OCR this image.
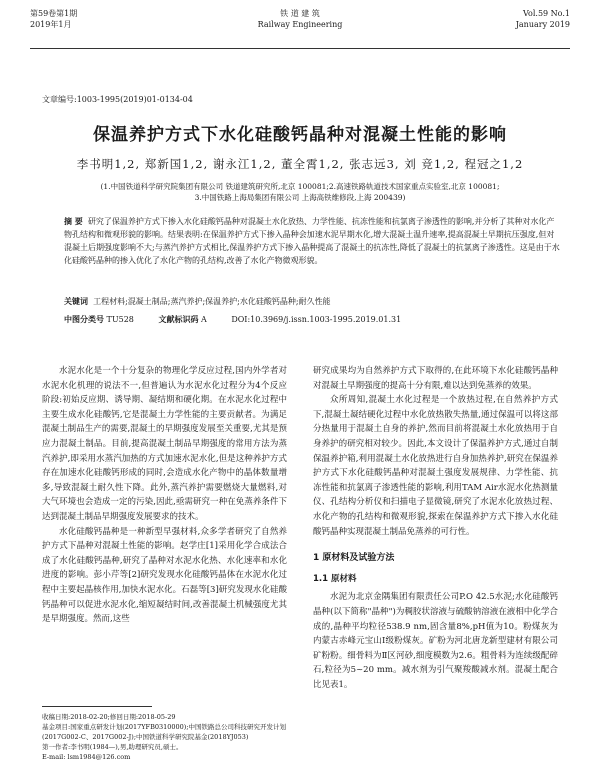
第59卷第1期
2019年1月
铁 道 建 筑
Railway Engineering
Vol.59 No.1
January 2019
文章编号:1003-1995(2019)01-0134-04
保温养护方式下水化硅酸钙晶种对混凝土性能的影响
李书明1,2, 郑新国1,2, 谢永江1,2, 董全霄1,2, 张志远3, 刘 竞1,2, 程冠之1,2
(1.中国铁道科学研究院集团有限公司 铁道建筑研究所,北京 100081;2.高速铁路轨道技术国家重点实验室,北京 100081;
3.中国铁路上海局集团有限公司 上海高铁维修段,上海 200439)
摘 要 研究了保温养护方式下掺入水化硅酸钙晶种对混凝土水化放热、力学性能、抗冻性能和抗氯离子渗透性的影响,并分析了其种对水化产物孔结构和微观形貌的影响。结果表明:在保温养护方式下掺入晶种会加速水泥早期水化,增大混凝土温升速率,提高混凝土早期抗压强度,但对混凝土后期强度影响不大;与蒸汽养护方式相比,保温养护方式下掺入晶种提高了混凝土的抗冻性,降低了混凝土的抗氯离子渗透性。这是由于水化硅酸钙晶种的掺入优化了水化产物的孔结构,改善了水化产物微观形貌。
关键词 工程材料;混凝土制品;蒸汽养护;保温养护;水化硅酸钙晶种;耐久性能
中图分类号 TU528	文献标识码 A	DOI:10.3969/j.issn.1003-1995.2019.01.31

水泥水化是一个十分复杂的物理化学反应过程,国内外学者对水泥水化机理的说法不一,但普遍认为水泥水化过程分为4个反应阶段:初始反应期、诱导期、凝结期和硬化期。在水泥水化过程中主要生成水化硅酸钙,它是混凝土力学性能的主要贡献者。为满足混凝土制品生产的需要,混凝土的早期强度发展至关重要,尤其是预应力混凝土制品。目前,提高混凝土制品早期强度的常用方法为蒸汽养护,即采用水蒸汽加热的方式加速水泥水化,但是这种养护方式存在加速水化硅酸钙形成的同时,会造成水化产物中的晶体数量增多,导致混凝土耐久性下降。此外,蒸汽养护需要燃烧大量燃料,对大气环境也会造成一定的污染,因此,亟需研究一种在免蒸养条件下达到混凝土制品早期强度发展要求的技术。

水化硅酸钙晶种是一种新型早强材料,众多学者研究了自然养护方式下晶种对混凝土性能的影响。赵学庄[1]采用化学合成法合成了水化硅酸钙晶种,研究了晶种对水泥水化热、水化速率和水化进度的影响。彭小芹等[2]研究发现水化硅酸钙晶体在水泥水化过程中主要起晶核作用,加快水泥水化。石磊等[3]研究发现水化硅酸钙晶种可以促进水泥水化,缩短凝结时间,改善混凝土机械强度尤其是早期强度。然而,这些

研究成果均为自然养护方式下取得的,在此环境下水化硅酸钙晶种对混凝土早期强度的提高十分有限,难以达到免蒸养的效果。

众所周知,混凝土水化过程是一个放热过程,在自然养护方式下,混凝土凝结硬化过程中水化放热散失热量,通过保温可以将这部分热量用于混凝土自身的养护,然而目前将混凝土水化放热用于自身养护的研究相对较少。因此,本文设计了保温养护方式,通过自制保温养护箱,利用混凝土水化放热进行自身加热养护,研究在保温养护方式下水化硅酸钙晶种对混凝土强度发展规律、力学性能、抗冻性能和抗氯离子渗透性能的影响,利用TAM Air水泥水化热测量仪、孔结构分析仪和扫描电子显微镜,研究了水泥水化放热过程、水化产物的孔结构和微观形貌,探索在保温养护方式下掺入水化硅酸钙晶种实现混凝土制品免蒸养的可行性。

1 原材料及试验方法
1.1 原材料

水泥为北京金隅集团有限责任公司P.O 42.5水泥;水化硅酸钙晶种(以下简称"晶种")为稠胶状溶液与硫酸钠溶液在液相中化学合成的,晶种平均粒径538.9 nm,固含量8%,pH值为10。粉煤灰为内蒙古赤峰元宝山Ⅰ级粉煤灰。矿粉为河北唐龙新型建材有限公司矿粉粉。细骨料为Ⅱ区河砂,细度模数为2.6。粗骨料为连续级配碎石,粒径为5~20 mm。减水剂为引气聚羧酸减水剂。混凝土配合比见表1。

收稿日期:2018-02-20;修回日期:2018-05-29
基金项目:国家重点研发计划(2017YFB0310000);中国铁路总公司科技研究开发计划(2017G002-C、2017G002-J);中国铁道科学研究院基金(2018YJ053)
第一作者:李书明(1984—),男,助理研究员,硕士。
E-mail: lsm1984@126.com
